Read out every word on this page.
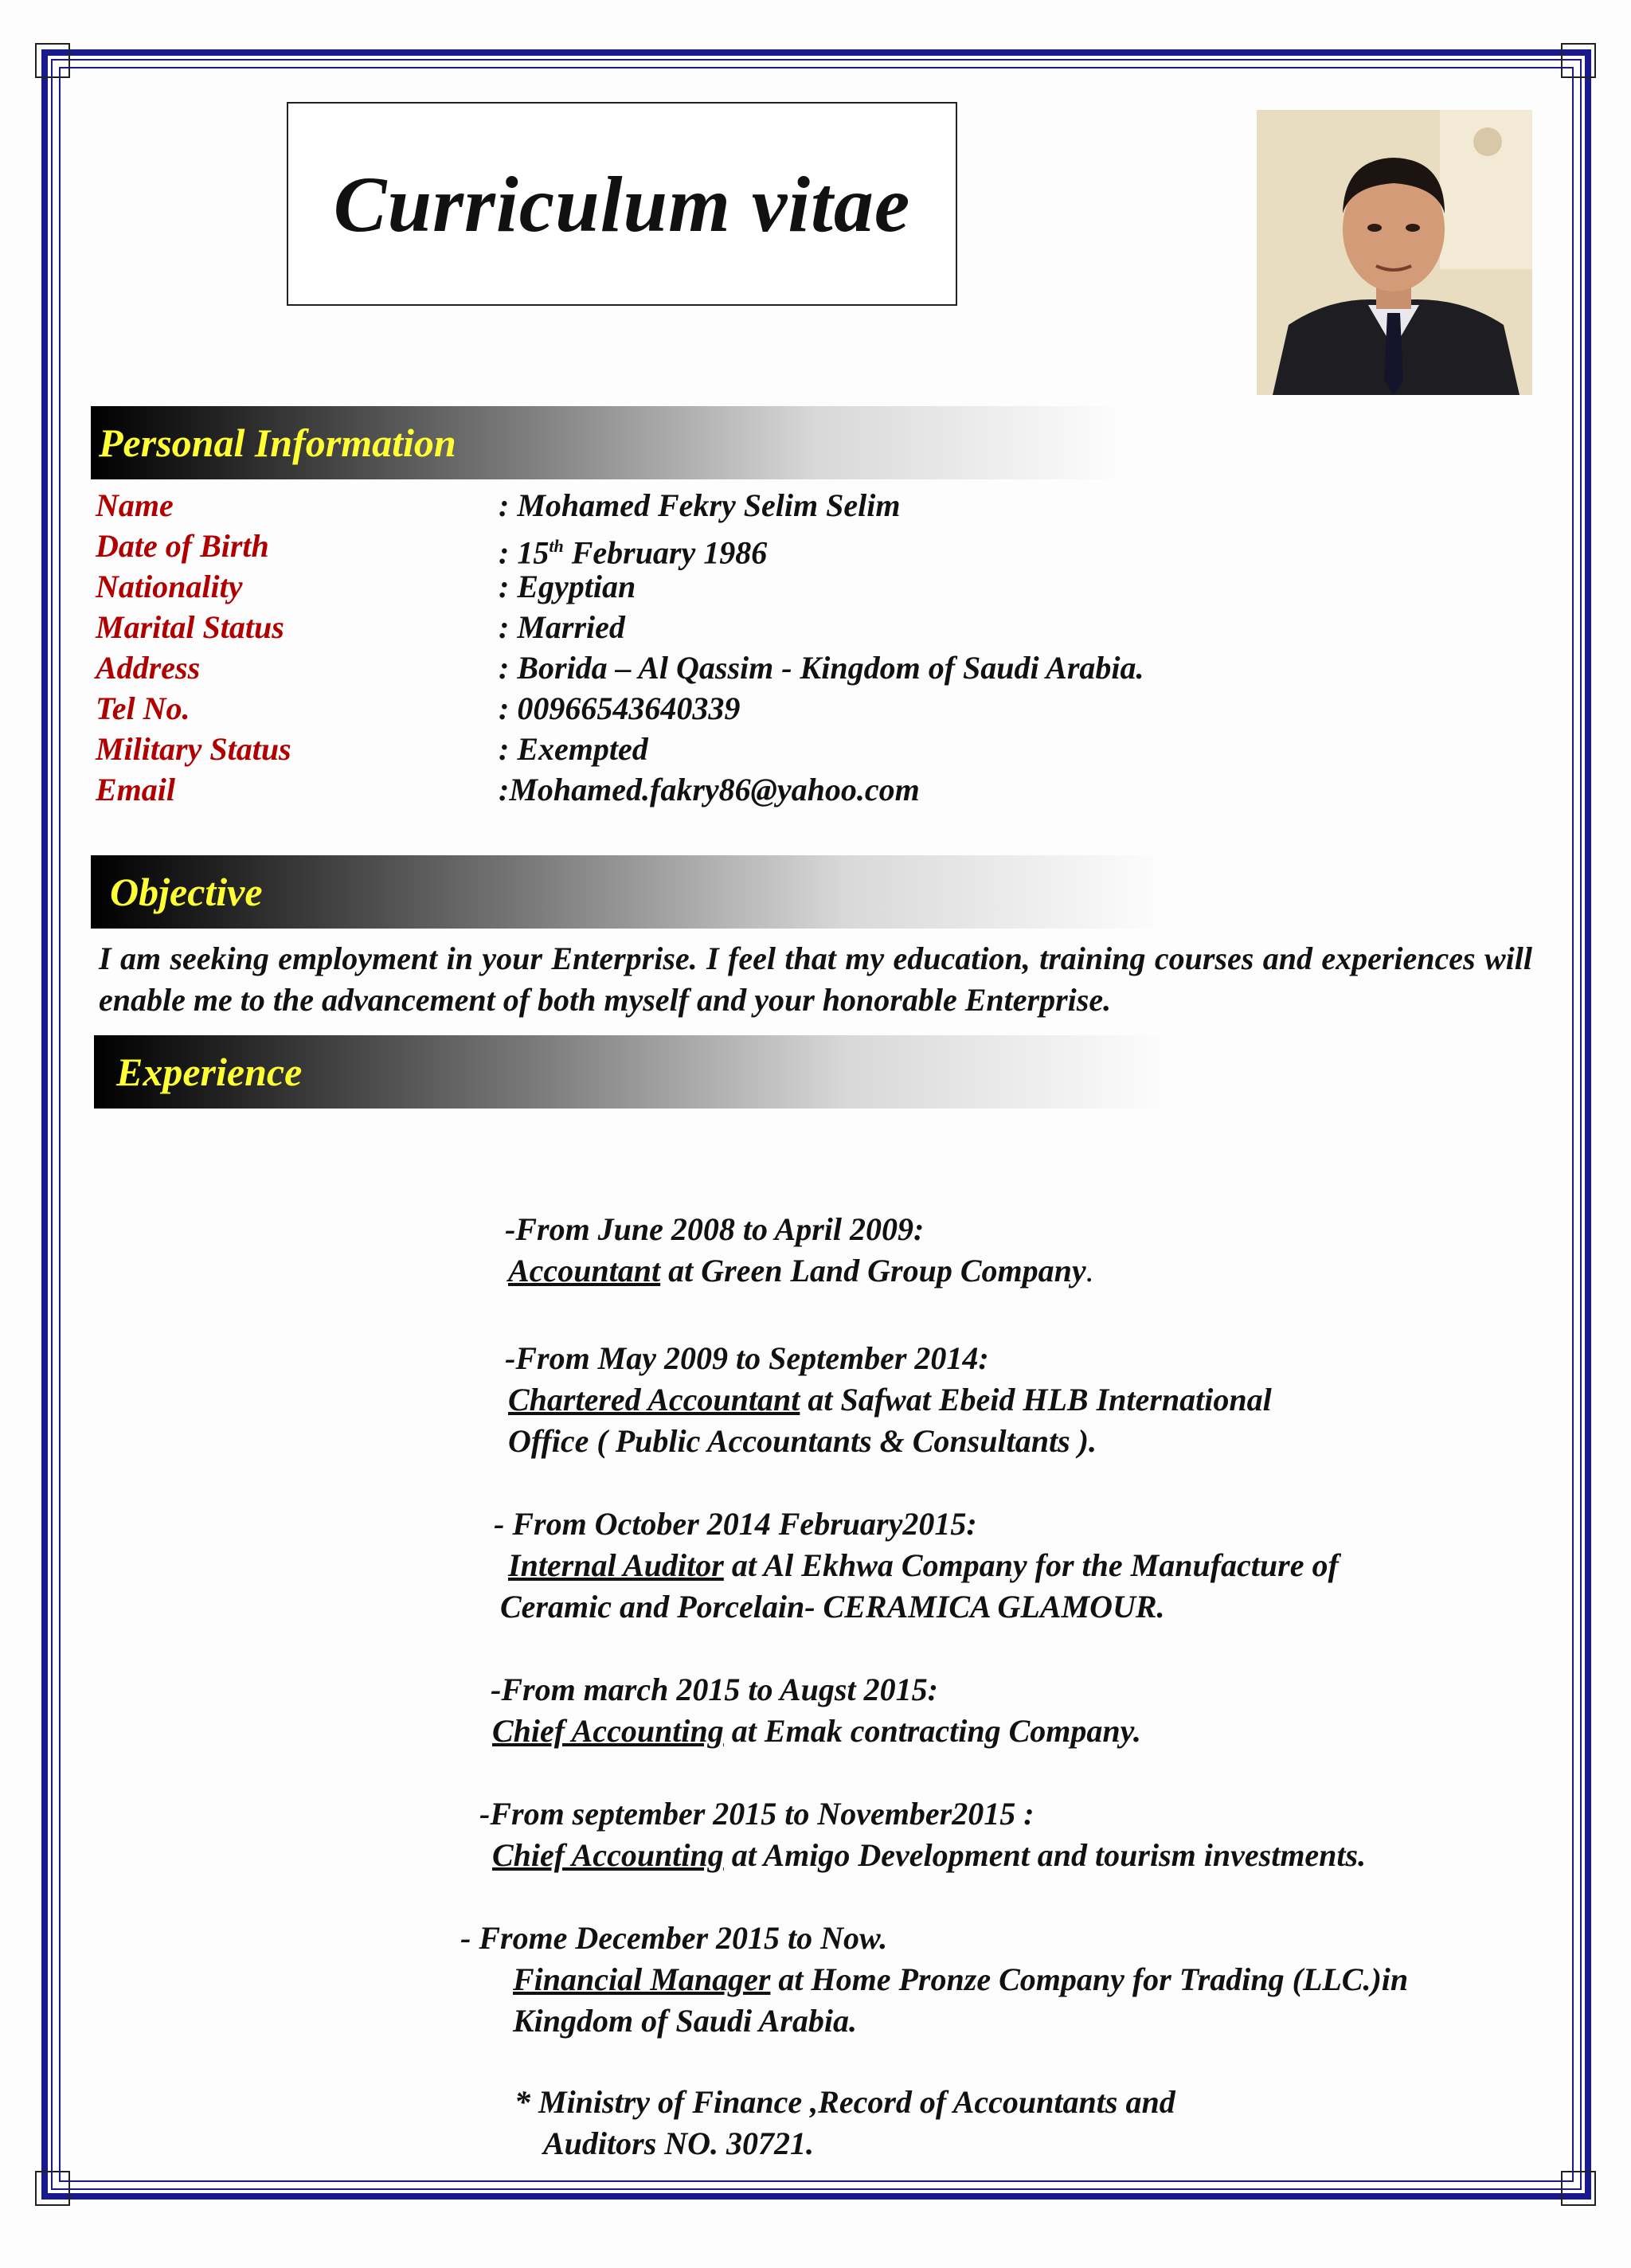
Curriculum vitae
Personal Information
Name	: Mohamed Fekry Selim Selim
Date of Birth	: 15th February 1986
Nationality	: Egyptian
Marital Status	: Married
Address	: Borida – Al Qassim - Kingdom of Saudi Arabia.
Tel No.	: 00966543640339
Military Status	: Exempted
Email	:Mohamed.fakry86@yahoo.com
Objective
I am seeking employment in your Enterprise. I feel that my education, training courses and experiences will enable me to the advancement of both myself and your honorable Enterprise.
Experience
-From June 2008 to April 2009:
Accountant at Green Land Group Company.
-From May 2009 to September 2014:
Chartered Accountant at Safwat Ebeid HLB International
Office ( Public Accountants & Consultants ).
- From October 2014 February2015:
Internal Auditor at Al Ekhwa Company for the Manufacture of
Ceramic and Porcelain- CERAMICA GLAMOUR.
-From march 2015 to Augst 2015:
Chief Accounting at Emak contracting Company.
-From september 2015 to November2015 :
Chief Accounting at Amigo Development and tourism investments.
- Frome December 2015 to Now.
Financial Manager at Home Pronze Company for Trading (LLC.)in
Kingdom of Saudi Arabia.
* Ministry of Finance ,Record of Accountants and
Auditors NO. 30721.
